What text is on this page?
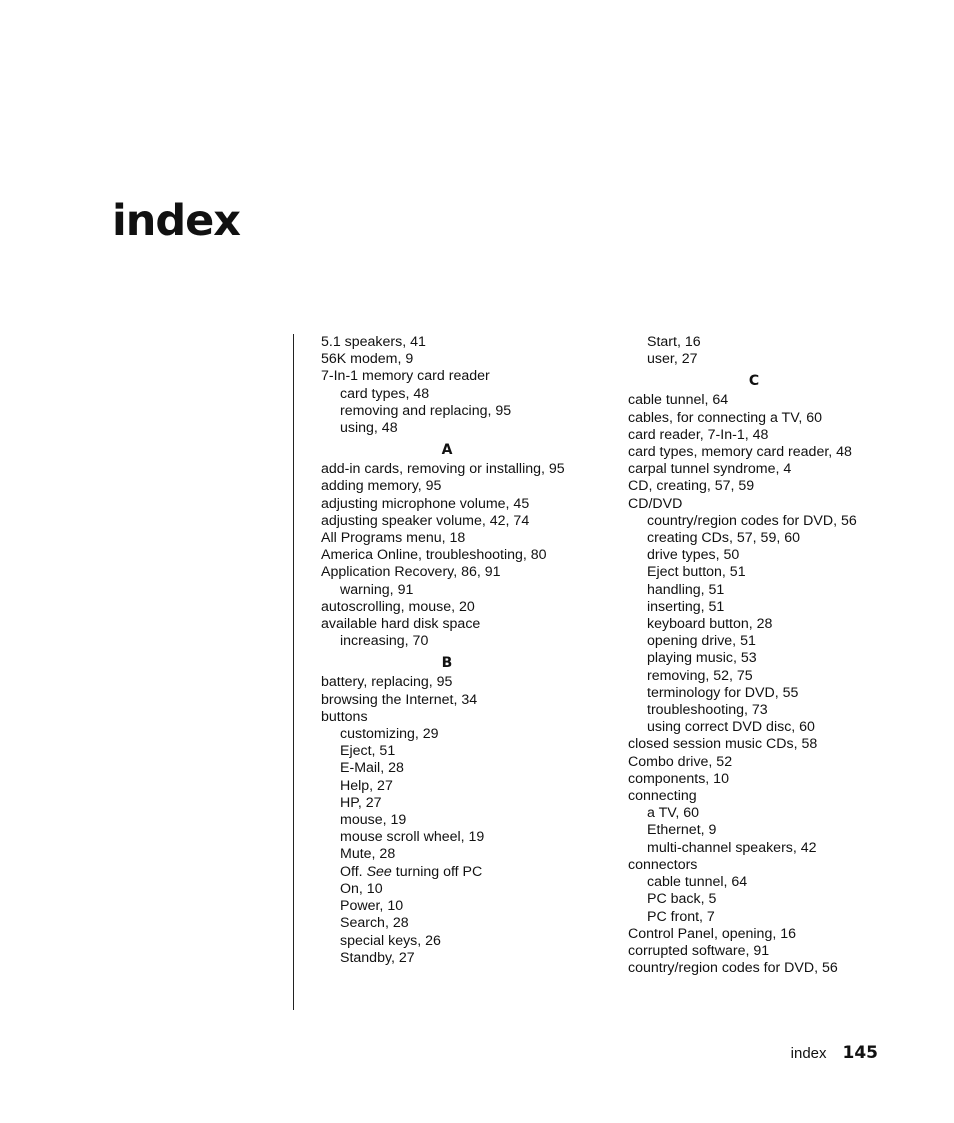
index
5.1 speakers, 41
56K modem, 9
7-In-1 memory card reader
card types, 48
removing and replacing, 95
using, 48
A
add-in cards, removing or installing, 95
adding memory, 95
adjusting microphone volume, 45
adjusting speaker volume, 42, 74
All Programs menu, 18
America Online, troubleshooting, 80
Application Recovery, 86, 91
warning, 91
autoscrolling, mouse, 20
available hard disk space
increasing, 70
B
battery, replacing, 95
browsing the Internet, 34
buttons
customizing, 29
Eject, 51
E-Mail, 28
Help, 27
HP, 27
mouse, 19
mouse scroll wheel, 19
Mute, 28
Off. See turning off PC
On, 10
Power, 10
Search, 28
special keys, 26
Standby, 27
Start, 16
user, 27
C
cable tunnel, 64
cables, for connecting a TV, 60
card reader, 7-In-1, 48
card types, memory card reader, 48
carpal tunnel syndrome, 4
CD, creating, 57, 59
CD/DVD
country/region codes for DVD, 56
creating CDs, 57, 59, 60
drive types, 50
Eject button, 51
handling, 51
inserting, 51
keyboard button, 28
opening drive, 51
playing music, 53
removing, 52, 75
terminology for DVD, 55
troubleshooting, 73
using correct DVD disc, 60
closed session music CDs, 58
Combo drive, 52
components, 10
connecting
a TV, 60
Ethernet, 9
multi-channel speakers, 42
connectors
cable tunnel, 64
PC back, 5
PC front, 7
Control Panel, opening, 16
corrupted software, 91
country/region codes for DVD, 56
index 145
